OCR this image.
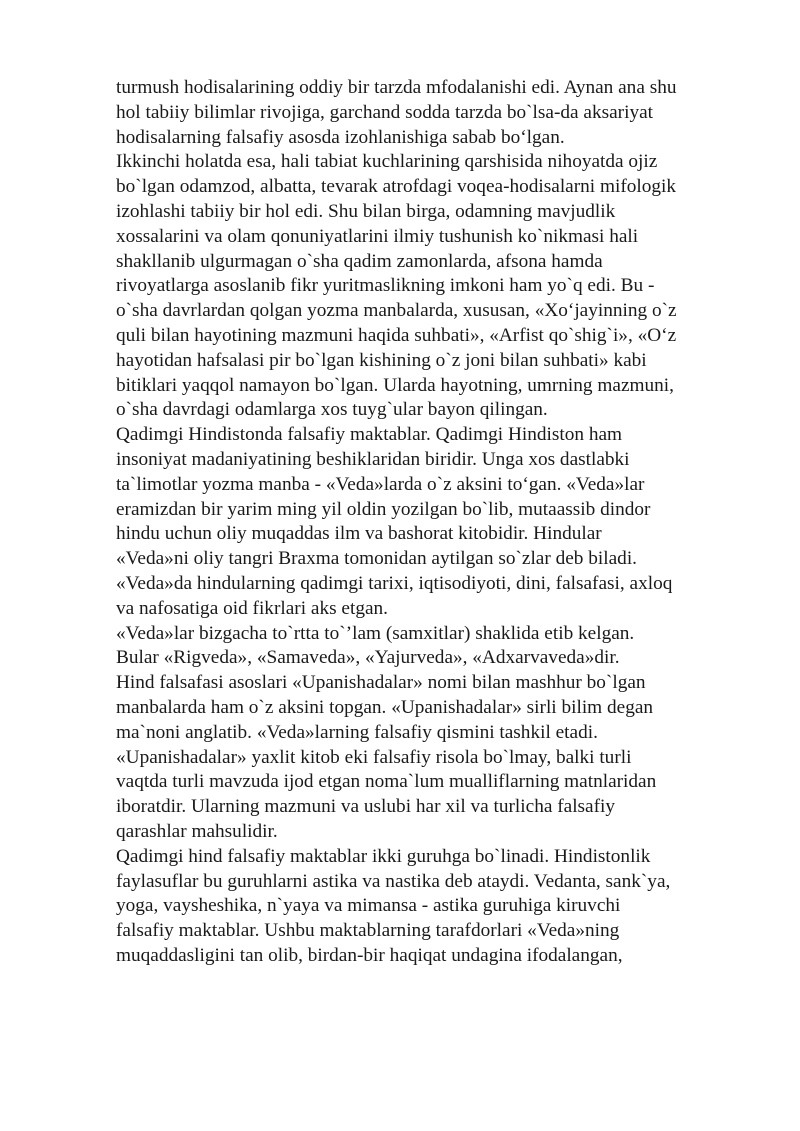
turmush hodisalarining oddiy bir tarzda mfodalanishi edi. Aynan ana shu
hol tabiiy bilimlar rivojiga, garchand sodda tarzda bo`lsa-da aksariyat
hodisalarning falsafiy asosda izohlanishiga sabab bo‘lgan.
Ikkinchi holatda esa, hali tabiat kuchlarining qarshisida nihoyatda ojiz
bo`lgan odamzod, albatta, tevarak atrofdagi voqea-hodisalarni mifologik
izohlashi tabiiy bir hol edi. Shu bilan birga, odamning mavjudlik
xossalarini va olam qonuniyatlarini ilmiy tushunish ko`nikmasi hali
shakllanib ulgurmagan o`sha qadim zamonlarda, afsona hamda
rivoyatlarga asoslanib fikr yuritmaslikning imkoni ham yo`q edi. Bu -
o`sha davrlardan qolgan yozma manbalarda, xususan, «Xo‘jayinning o`z
quli bilan hayotining mazmuni haqida suhbati», «Arfist qo`shig`i», «O‘z
hayotidan hafsalasi pir bo`lgan kishining o`z joni bilan suhbati» kabi
bitiklari yaqqol namayon bo`lgan. Ularda hayotning, umrning mazmuni,
o`sha davrdagi odamlarga xos tuyg`ular bayon qilingan.
Qadimgi Hindistonda falsafiy maktablar. Qadimgi Hindiston ham
insoniyat madaniyatining beshiklaridan biridir. Unga xos dastlabki
ta`limotlar yozma manba - «Veda»larda o`z aksini to‘gan. «Veda»lar
eramizdan bir yarim ming yil oldin yozilgan bo`lib, mutaassib dindor
hindu uchun oliy muqaddas ilm va bashorat kitobidir. Hindular
«Veda»ni oliy tangri Braxma tomonidan aytilgan so`zlar deb biladi.
«Veda»da hindularning qadimgi tarixi, iqtisodiyoti, dini, falsafasi, axloq
va nafosatiga oid fikrlari aks etgan.
«Veda»lar bizgacha to`rtta to`’lam (samxitlar) shaklida etib kelgan.
Bular «Rigveda», «Samaveda», «Yajurveda», «Adxarvaveda»dir.
Hind falsafasi asoslari «Upanishadalar» nomi bilan mashhur bo`lgan
manbalarda ham o`z aksini topgan. «Upanishadalar» sirli bilim degan
ma`noni anglatib. «Veda»larning falsafiy qismini tashkil etadi.
«Upanishadalar» yaxlit kitob eki falsafiy risola bo`lmay, balki turli
vaqtda turli mavzuda ijod etgan noma`lum mualliflarning matnlaridan
iboratdir. Ularning mazmuni va uslubi har xil va turlicha falsafiy
qarashlar mahsulidir.
Qadimgi hind falsafiy maktablar ikki guruhga bo`linadi. Hindistonlik
faylasuflar bu guruhlarni astika va nastika deb ataydi. Vedanta, sank`ya,
yoga, vaysheshika, n`yaya va mimansa - astika guruhiga kiruvchi
falsafiy maktablar. Ushbu maktablarning tarafdorlari «Veda»ning
muqaddasligini tan olib, birdan-bir haqiqat undagina ifodalangan,
